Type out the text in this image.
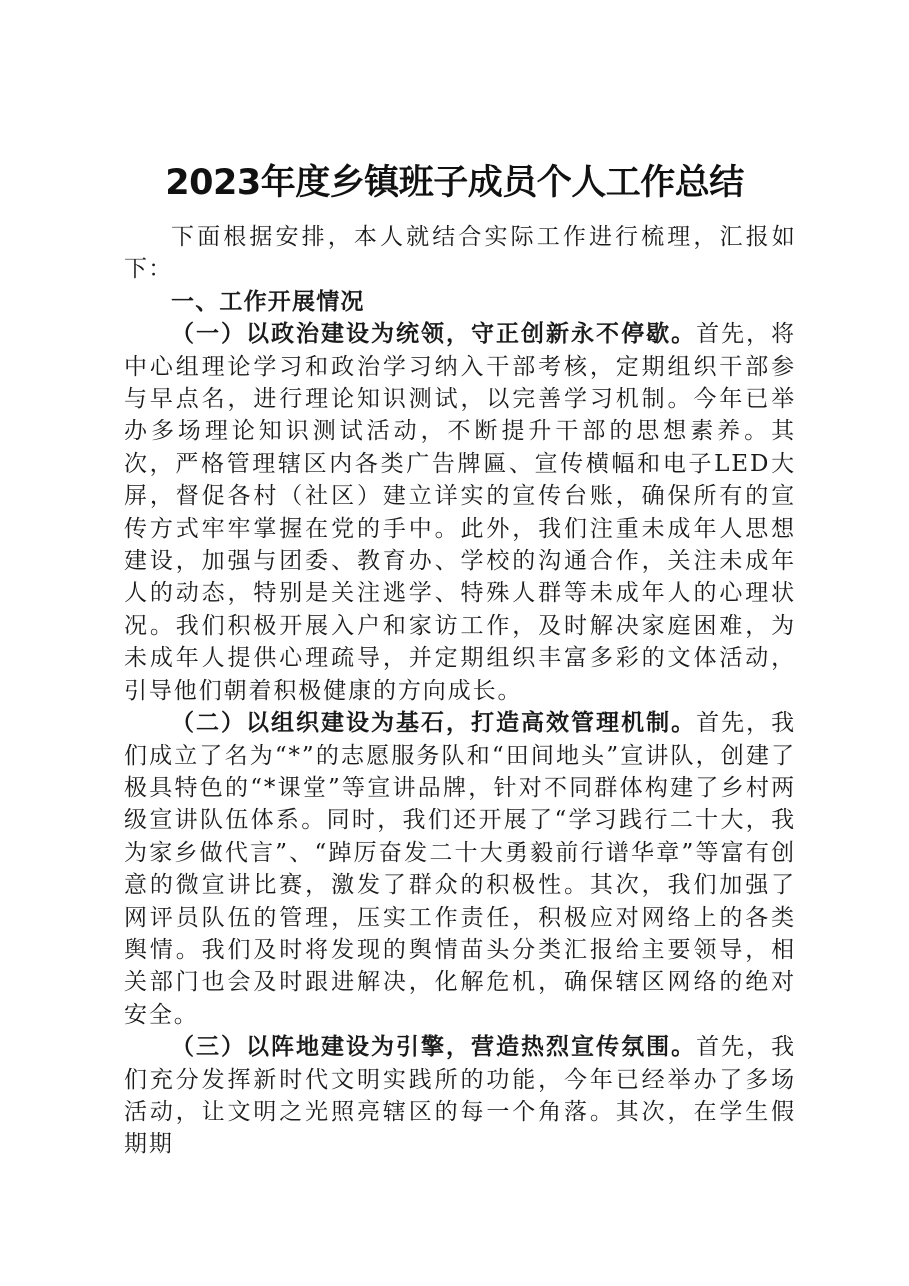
2023年度乡镇班子成员个人工作总结

下面根据安排，本人就结合实际工作进行梳理，汇报如下：

一、工作开展情况

（一）以政治建设为统领，守正创新永不停歇。首先，将中心组理论学习和政治学习纳入干部考核，定期组织干部参与早点名，进行理论知识测试，以完善学习机制。今年已举办多场理论知识测试活动，不断提升干部的思想素养。其次，严格管理辖区内各类广告牌匾、宣传横幅和电子LED大屏，督促各村（社区）建立详实的宣传台账，确保所有的宣传方式牢牢掌握在党的手中。此外，我们注重未成年人思想建设，加强与团委、教育办、学校的沟通合作，关注未成年人的动态，特别是关注逃学、特殊人群等未成年人的心理状况。我们积极开展入户和家访工作，及时解决家庭困难，为未成年人提供心理疏导，并定期组织丰富多彩的文体活动，引导他们朝着积极健康的方向成长。

（二）以组织建设为基石，打造高效管理机制。首先，我们成立了名为“*”的志愿服务队和“田间地头”宣讲队，创建了极具特色的“*课堂”等宣讲品牌，针对不同群体构建了乡村两级宣讲队伍体系。同时，我们还开展了“学习践行二十大，我为家乡做代言”、“踔厉奋发二十大勇毅前行谱华章”等富有创意的微宣讲比赛，激发了群众的积极性。其次，我们加强了网评员队伍的管理，压实工作责任，积极应对网络上的各类舆情。我们及时将发现的舆情苗头分类汇报给主要领导，相关部门也会及时跟进解决，化解危机，确保辖区网络的绝对安全。

（三）以阵地建设为引擎，营造热烈宣传氛围。首先，我们充分发挥新时代文明实践所的功能，今年已经举办了多场活动，让文明之光照亮辖区的每一个角落。其次，在学生假期期
